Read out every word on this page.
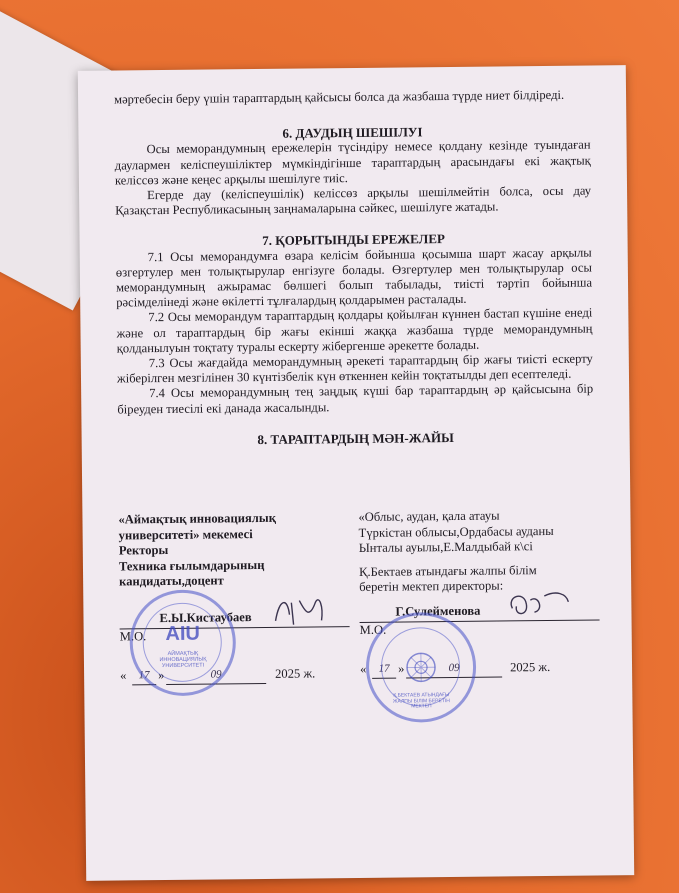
мәртебесін беру үшін тараптардың қайсысы болса да жазбаша түрде ниет білдіреді.

6. ДАУДЫҢ ШЕШІЛУІ

Осы меморандумның ережелерін түсіндіру немесе қолдану кезінде туындаған даулармен келіспеушіліктер мүмкіндігінше тараптардың арасындағы екі жақтық келіссөз және кеңес арқылы шешілуге тиіс.

Егерде дау (келіспеушілік) келіссөз арқылы шешілмейтін болса, осы дау Қазақстан Республикасының заңнамаларына сәйкес, шешілуге жатады.

7. ҚОРЫТЫНДЫ ЕРЕЖЕЛЕР

7.1 Осы меморандумға өзара келісім бойынша қосымша шарт жасау арқылы өзгертулер мен толықтырулар енгізуге болады. Өзгертулер мен толықтырулар осы меморандумның ажырамас бөлшегі болып табылады, тиісті тәртіп бойынша рәсімделінеді және өкілетті тұлғалардың қолдарымен расталады.

7.2 Осы меморандум тараптардың қолдары қойылған күннен бастап күшіне енеді және ол тараптардың бір жағы екінші жаққа жазбаша түрде меморандумның қолданылуын тоқтату туралы ескерту жібергенше әрекетте болады.

7.3 Осы жағдайда меморандумның әрекеті тараптардың бір жағы тиісті ескерту жіберілген мезгілінен 30 күнтізбелік күн өткеннен кейін тоқтатылды деп есептеледі.

7.4 Осы меморандумның тең заңдық күші бар тараптардың әр қайсысына бір біреуден тиесілі екі данада жасалынды.

8. ТАРАПТАРДЫҢ МӘН-ЖАЙЫ

«Аймақтық инновациялық
университеті» мекемесі
Ректоры
Техника ғылымдарының
кандидаты,доцент
Е.Ы.Кистаубаев
М.О.
«	17 »	09	2025 ж.
«Облыс, аудан, қала атауы
Түркістан облысы,Ордабасы ауданы
Ынталы ауылы,Е.Малдыбай к\сі
Қ.Бектаев атындағы жалпы білім
беретін мектеп директоры:
Г.Сулейменова
М.О.
«	17 »	09	2025 ж.
AIU
АЙМАҚТЫҚ ИННОВАЦИЯЛЫҚ УНИВЕРСИТЕТІ
Қ.БЕКТАЕВ АТЫНДАҒЫ ЖАЛПЫ БІЛІМ БЕРЕТІН МЕКТЕП
